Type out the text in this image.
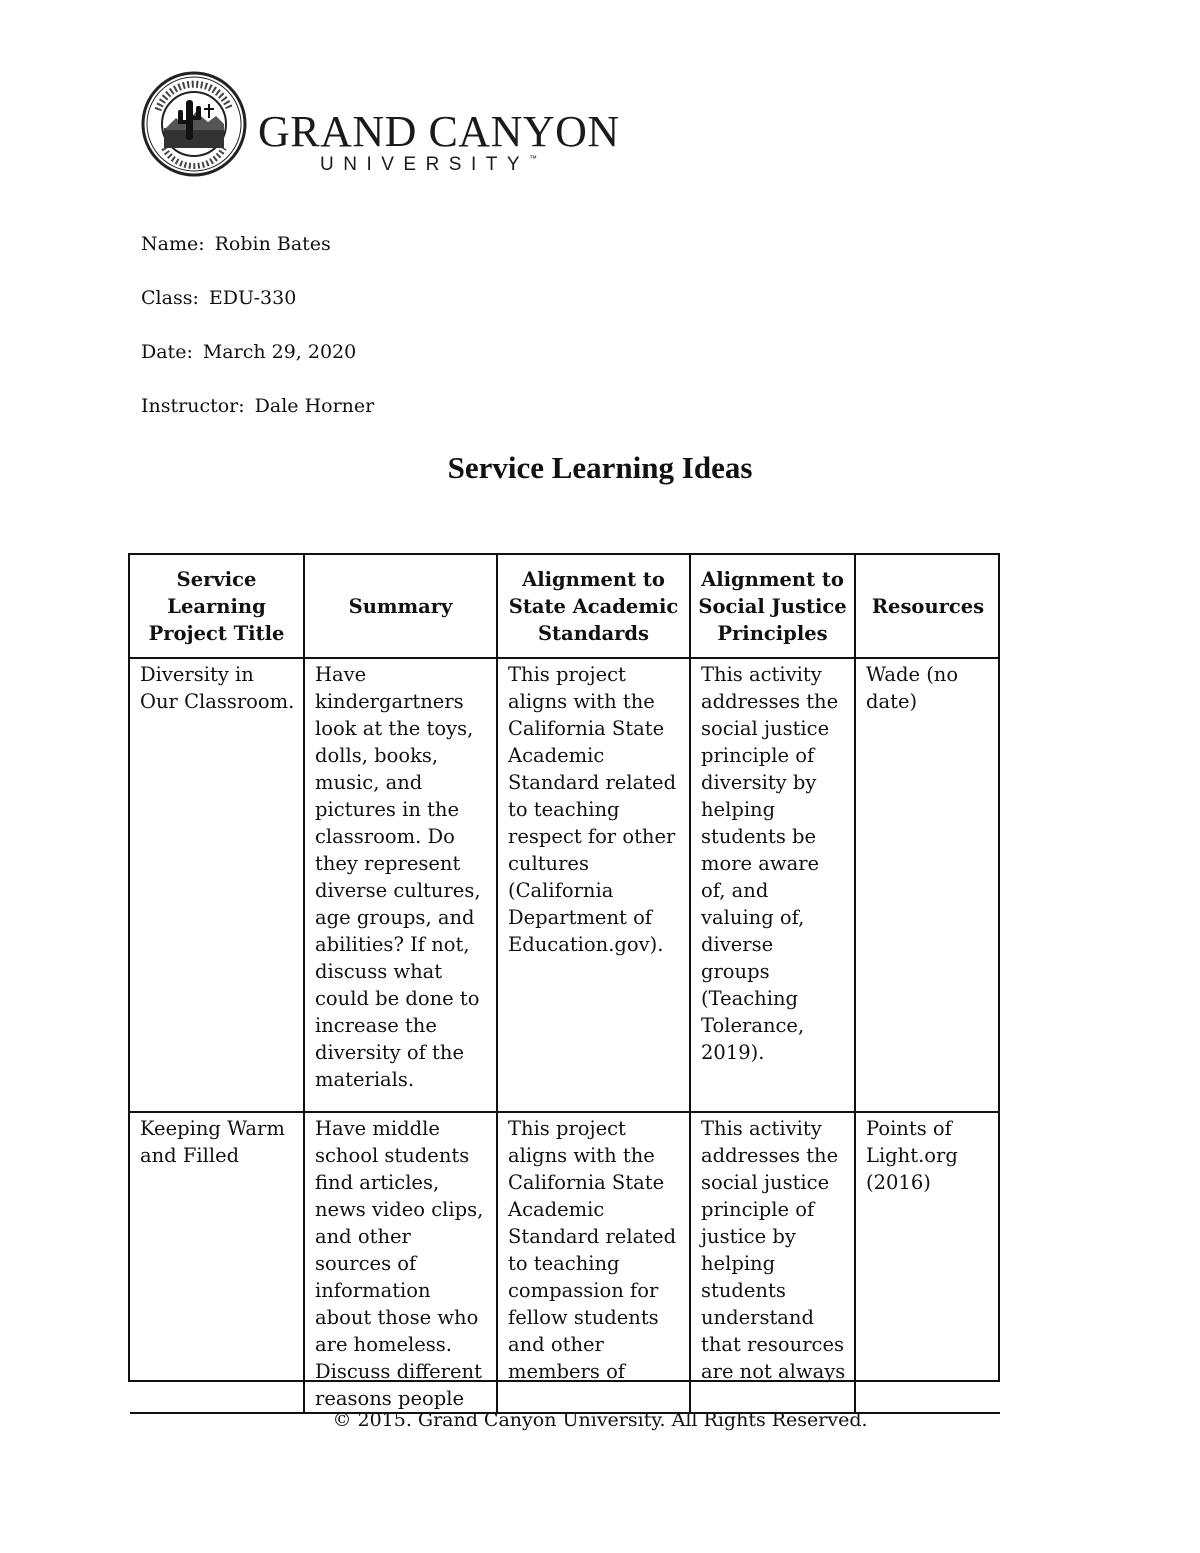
GRAND CANYON
UNIVERSITY™
Name: Robin Bates
Class: EDU-330
Date: March 29, 2020
Instructor: Dale Horner
Service Learning Ideas
Service Learning Project Title	Summary	Alignment to State Academic Standards	Alignment to Social Justice Principles	Resources
Diversity in Our Classroom.	Have kindergartners look at the toys, dolls, books, music, and pictures in the classroom. Do they represent diverse cultures, age groups, and abilities? If not, discuss what could be done to increase the diversity of the materials.	This project aligns with the California State Academic Standard related to teaching respect for other cultures (California Department of Education.gov).	This activity addresses the social justice principle of diversity by helping students be more aware of, and valuing of, diverse groups (Teaching Tolerance, 2019).	Wade (no date)
Keeping Warm and Filled	Have middle school students find articles, news video clips, and other sources of information about those who are homeless. Discuss different reasons people	This project aligns with the California State Academic Standard related to teaching compassion for fellow students and other members of	This activity addresses the social justice principle of justice by helping students understand that resources are not always	Points of Light.org (2016)
© 2015. Grand Canyon University. All Rights Reserved.
